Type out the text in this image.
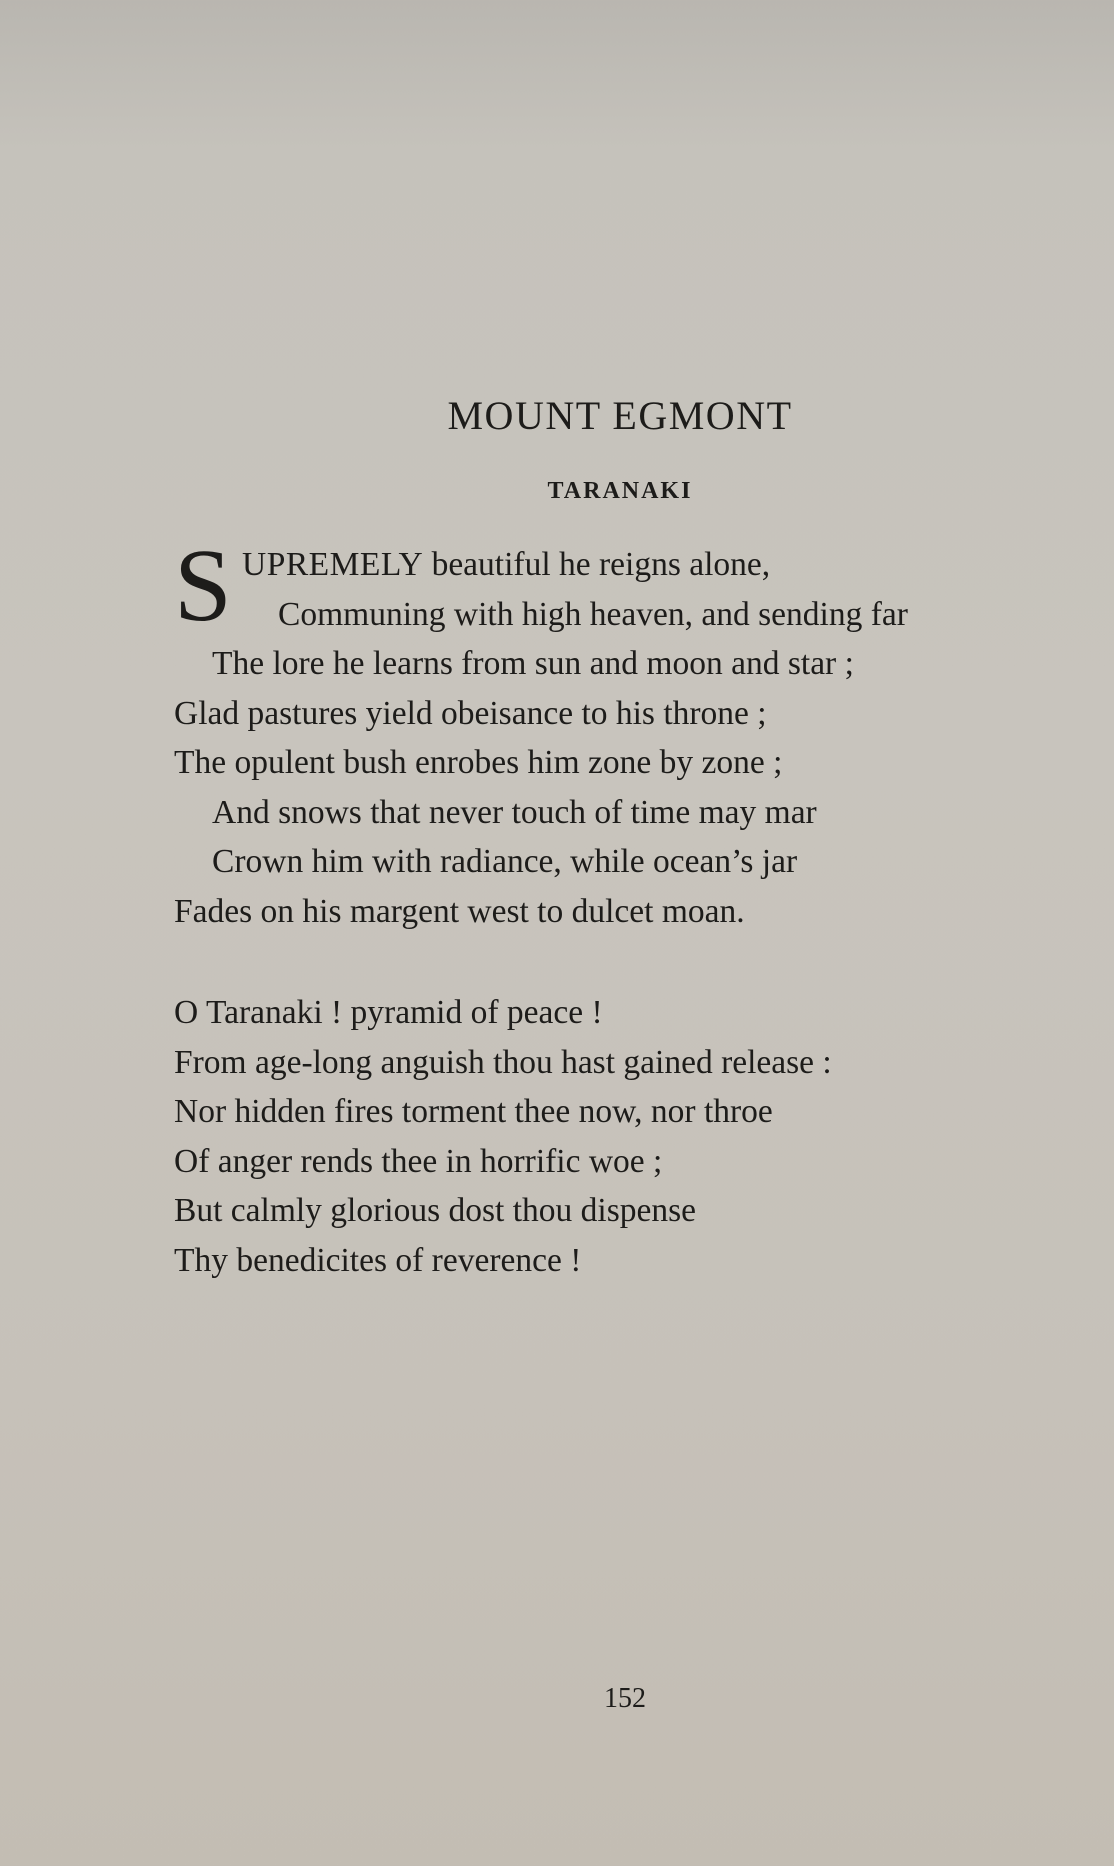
MOUNT EGMONT
TARANAKI
S UPREMELY beautiful he reigns alone,
Communing with high heaven, and sending far
The lore he learns from sun and moon and star ;
Glad pastures yield obeisance to his throne ;
The opulent bush enrobes him zone by zone ;
And snows that never touch of time may mar
Crown him with radiance, while ocean’s jar
Fades on his margent west to dulcet moan.
O Taranaki ! pyramid of peace !
From age-long anguish thou hast gained release :
Nor hidden fires torment thee now, nor throe
Of anger rends thee in horrific woe ;
But calmly glorious dost thou dispense
Thy benedicites of reverence !
152
